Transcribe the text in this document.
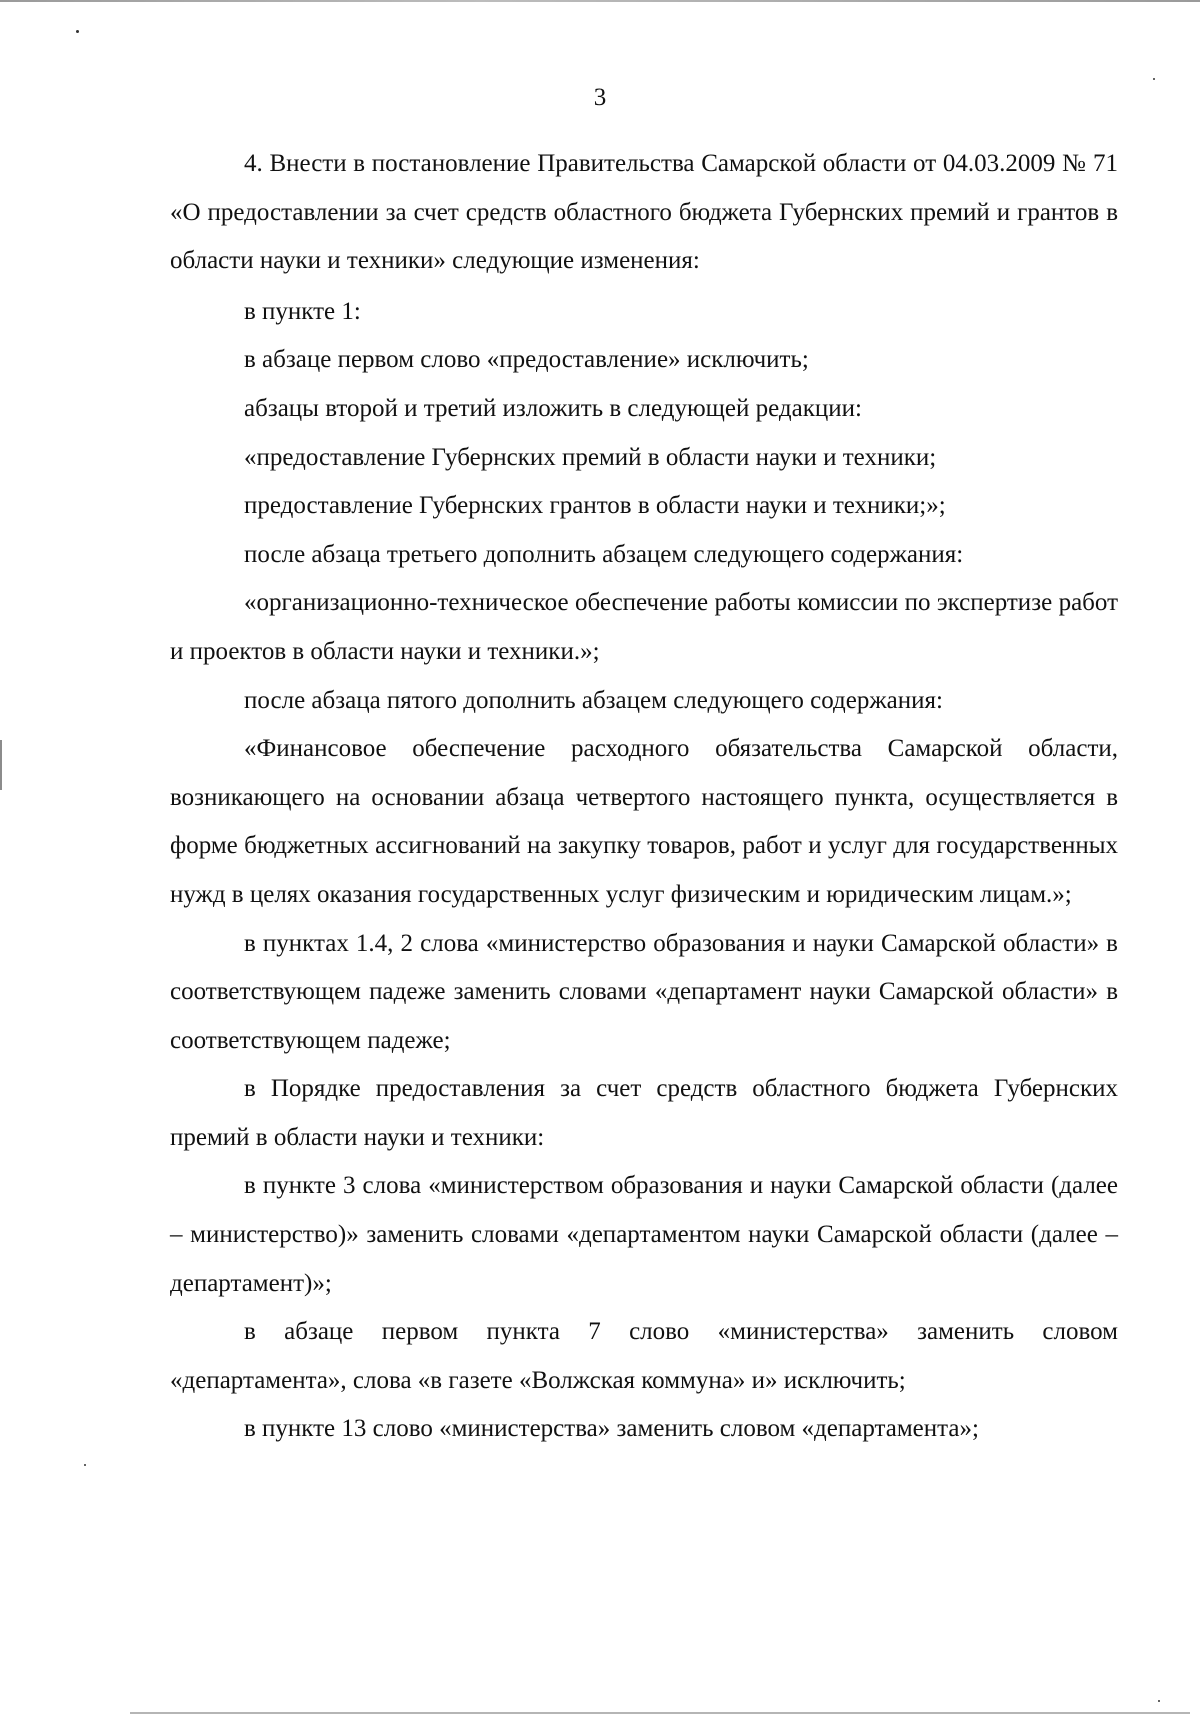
3

4. Внести в постановление Правительства Самарской области от 04.03.2009 № 71 «О предоставлении за счет средств областного бюджета Губернских премий и грантов в области науки и техники» следующие изменения:

в пункте 1:

в абзаце первом слово «предоставление» исключить;

абзацы второй и третий изложить в следующей редакции:

«предоставление Губернских премий в области науки и техники;

предоставление Губернских грантов в области науки и техники;»;

после абзаца третьего дополнить абзацем следующего содержания:

«организационно-техническое обеспечение работы комиссии по экспертизе работ и проектов в области науки и техники.»;

после абзаца пятого дополнить абзацем следующего содержания:

«Финансовое обеспечение расходного обязательства Самарской области, возникающего на основании абзаца четвертого настоящего пункта, осуществляется в форме бюджетных ассигнований на закупку товаров, работ и услуг для государственных нужд в целях оказания государственных услуг физическим и юридическим лицам.»;

в пунктах 1.4, 2 слова «министерство образования и науки Самарской области» в соответствующем падеже заменить словами «департамент науки Самарской области» в соответствующем падеже;

в Порядке предоставления за счет средств областного бюджета Губернских премий в области науки и техники:

в пункте 3 слова «министерством образования и науки Самарской области (далее – министерство)» заменить словами «департаментом науки Самарской области (далее – департамент)»;

в абзаце первом пункта 7 слово «министерства» заменить словом «департамента», слова «в газете «Волжская коммуна» и» исключить;

в пункте 13 слово «министерства» заменить словом «департамента»;
